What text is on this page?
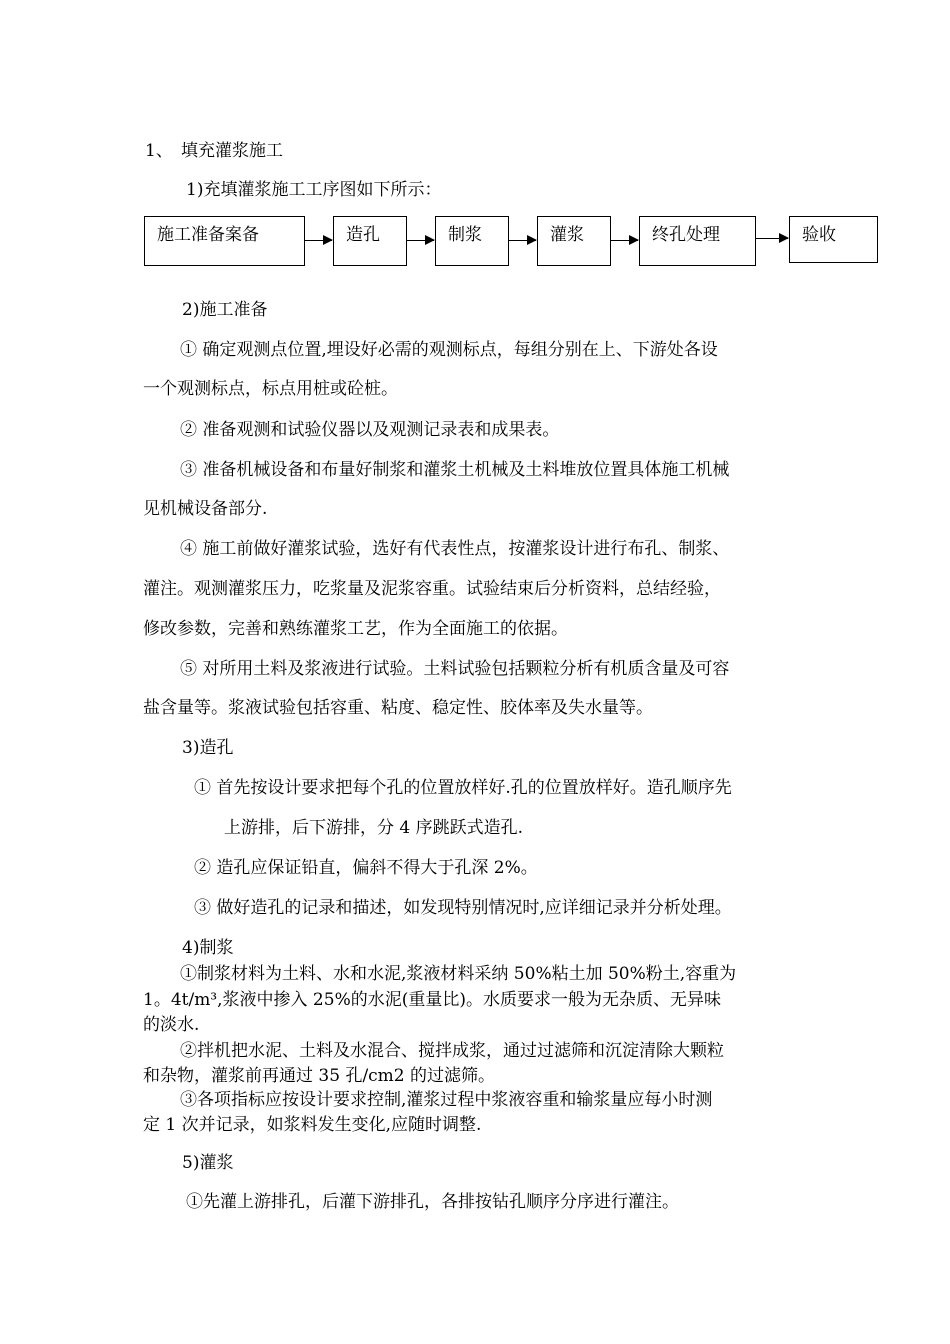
1、 填充灌浆施工
1)充填灌浆施工工序图如下所示：
施工准备案备	造孔	制浆	灌浆	终孔处理	验收
2)施工准备
① 确定观测点位置,埋设好必需的观测标点，每组分别在上、下游处各设
一个观测标点，标点用桩或砼桩。
② 准备观测和试验仪器以及观测记录表和成果表。
③ 准备机械设备和布量好制浆和灌浆土机械及土料堆放位置具体施工机械
见机械设备部分.
④ 施工前做好灌浆试验，选好有代表性点，按灌浆设计进行布孔、制浆、
灌注。观测灌浆压力，吃浆量及泥浆容重。试验结束后分析资料，总结经验，
修改参数，完善和熟练灌浆工艺，作为全面施工的依据。
⑤ 对所用土料及浆液进行试验。土料试验包括颗粒分析有机质含量及可容
盐含量等。浆液试验包括容重、粘度、稳定性、胶体率及失水量等。
3)造孔
① 首先按设计要求把每个孔的位置放样好.孔的位置放样好。造孔顺序先
上游排，后下游排，分 4 序跳跃式造孔.
② 造孔应保证铅直，偏斜不得大于孔深 2%。
③ 做好造孔的记录和描述，如发现特别情况时,应详细记录并分析处理。
4)制浆
①制浆材料为土料、水和水泥,浆液材料采纳 50%粘土加 50%粉土,容重为
1。4t/m³,浆液中掺入 25%的水泥(重量比)。水质要求一般为无杂质、无异味
的淡水.
②拌机把水泥、土料及水混合、搅拌成浆，通过过滤筛和沉淀清除大颗粒
和杂物，灌浆前再通过 35 孔/cm2 的过滤筛。
③各项指标应按设计要求控制,灌浆过程中浆液容重和输浆量应每小时测
定 1 次并记录，如浆料发生变化,应随时调整.
5)灌浆
①先灌上游排孔，后灌下游排孔，各排按钻孔顺序分序进行灌注。
